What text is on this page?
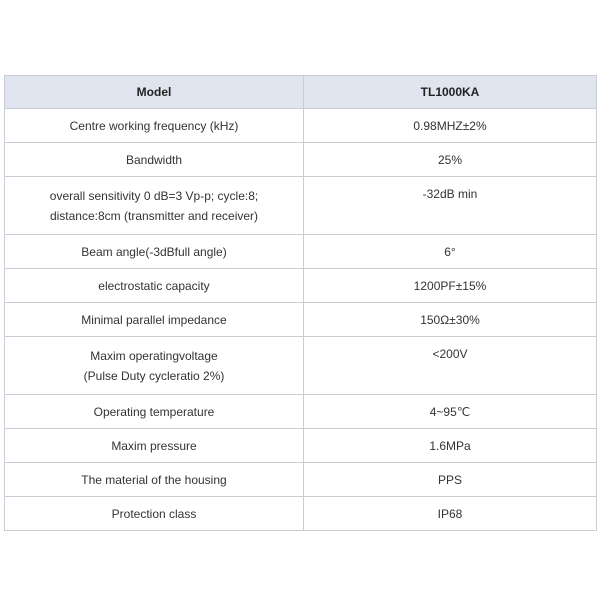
Model	TL1000KA

Centre working frequency (kHz)	0.98MHZ±2%

Bandwidth	25%

overall sensitivity 0 dB=3 Vp-p; cycle:8;
distance:8cm (transmitter and receiver)	-32dB min

Beam angle(-3dBfull angle)	6°

electrostatic capacity	1200PF±15%

Minimal parallel impedance	150Ω±30%

Maxim operatingvoltage
(Pulse Duty cycleratio 2%)	<200V

Operating temperature	4~95℃

Maxim pressure	1.6MPa

The material of the housing	PPS

Protection class	IP68
